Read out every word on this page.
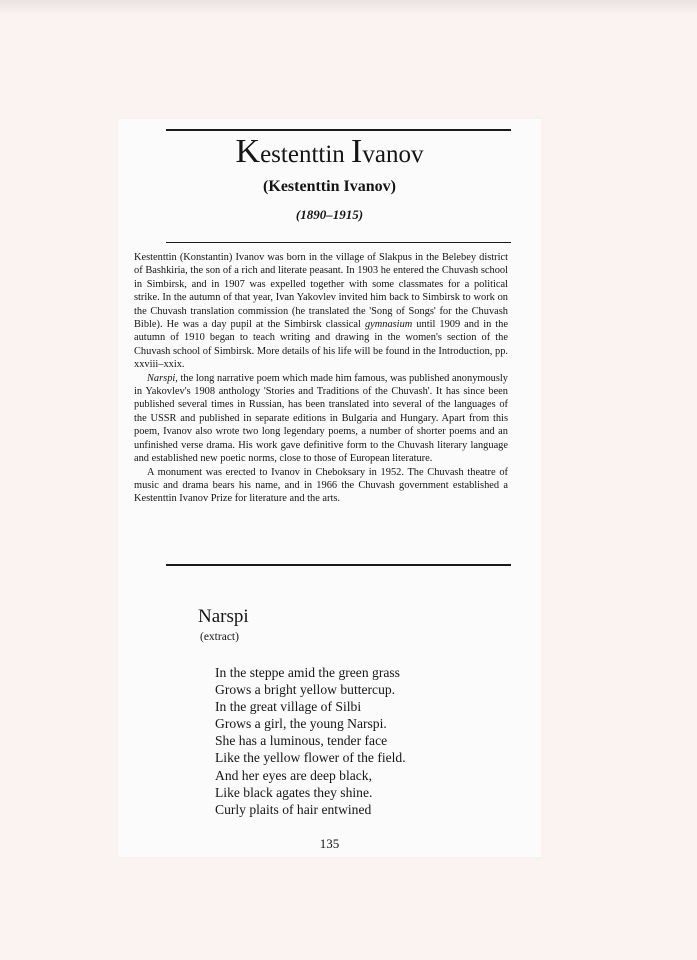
Kestenttin Ivanov
(Kestenttin Ivanov)
(1890–1915)

Kestenttin (Konstantin) Ivanov was born in the village of Slakpus in the Belebey district of Bashkiria, the son of a rich and literate peasant. In 1903 he entered the Chuvash school in Simbirsk, and in 1907 was expelled together with some classmates for a political strike. In the autumn of that year, Ivan Yakovlev invited him back to Simbirsk to work on the Chuvash translation commission (he translated the 'Song of Songs' for the Chuvash Bible). He was a day pupil at the Simbirsk classical gymnasium until 1909 and in the autumn of 1910 began to teach writing and drawing in the women's section of the Chuvash school of Simbirsk. More details of his life will be found in the Introduction, pp. xxviii–xxix.

Narspi, the long narrative poem which made him famous, was published anonymously in Yakovlev's 1908 anthology 'Stories and Traditions of the Chuvash'. It has since been published several times in Russian, has been translated into several of the languages of the USSR and published in separate editions in Bulgaria and Hungary. Apart from this poem, Ivanov also wrote two long legendary poems, a number of shorter poems and an unfinished verse drama. His work gave definitive form to the Chuvash literary language and established new poetic norms, close to those of European literature.

A monument was erected to Ivanov in Cheboksary in 1952. The Chuvash theatre of music and drama bears his name, and in 1966 the Chuvash government established a Kestenttin Ivanov Prize for literature and the arts.

Narspi
(extract)
In the steppe amid the green grass
Grows a bright yellow buttercup.
In the great village of Silbi
Grows a girl, the young Narspi.
She has a luminous, tender face
Like the yellow flower of the field.
And her eyes are deep black,
Like black agates they shine.
Curly plaits of hair entwined
135
